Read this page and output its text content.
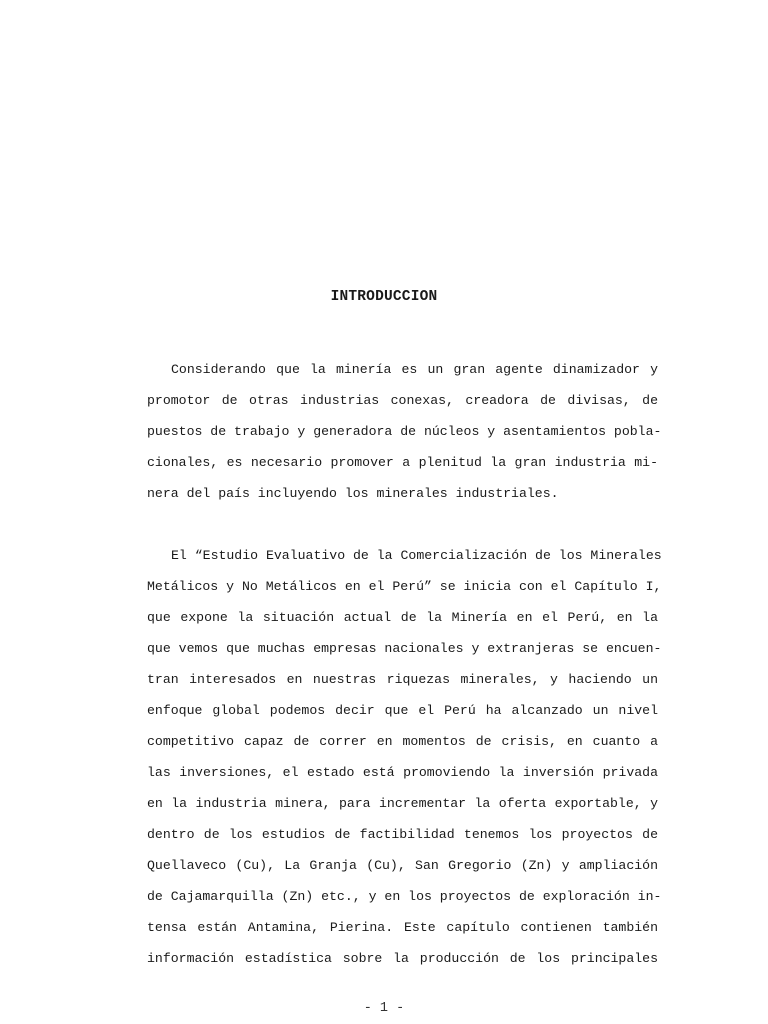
INTRODUCCION
Considerando que la minería es un gran agente dinamizador y
promotor de otras industrias conexas, creadora de divisas, de
puestos de trabajo y generadora de núcleos y asentamientos pobla-
cionales, es necesario promover a plenitud la gran industria mi-
nera del país incluyendo los minerales industriales.
El “Estudio Evaluativo de la Comercialización de los Minerales
Metálicos y No Metálicos en el Perú” se inicia con el Capítulo I,
que expone la situación actual de la Minería en el Perú, en la
que vemos que muchas empresas nacionales y extranjeras se encuen-
tran interesados en nuestras riquezas minerales, y haciendo un
enfoque global podemos decir que el Perú ha alcanzado un nivel
competitivo capaz de correr en momentos de crisis, en cuanto a
las inversiones, el estado está promoviendo la inversión privada
en la industria minera, para incrementar la oferta exportable, y
dentro de los estudios de factibilidad tenemos los proyectos de
Quellaveco (Cu), La Granja (Cu), San Gregorio (Zn) y ampliación
de Cajamarquilla (Zn) etc., y en los proyectos de exploración in-
tensa están Antamina, Pierina. Este capítulo contienen también
información estadística sobre la producción de los principales
- 1 -
